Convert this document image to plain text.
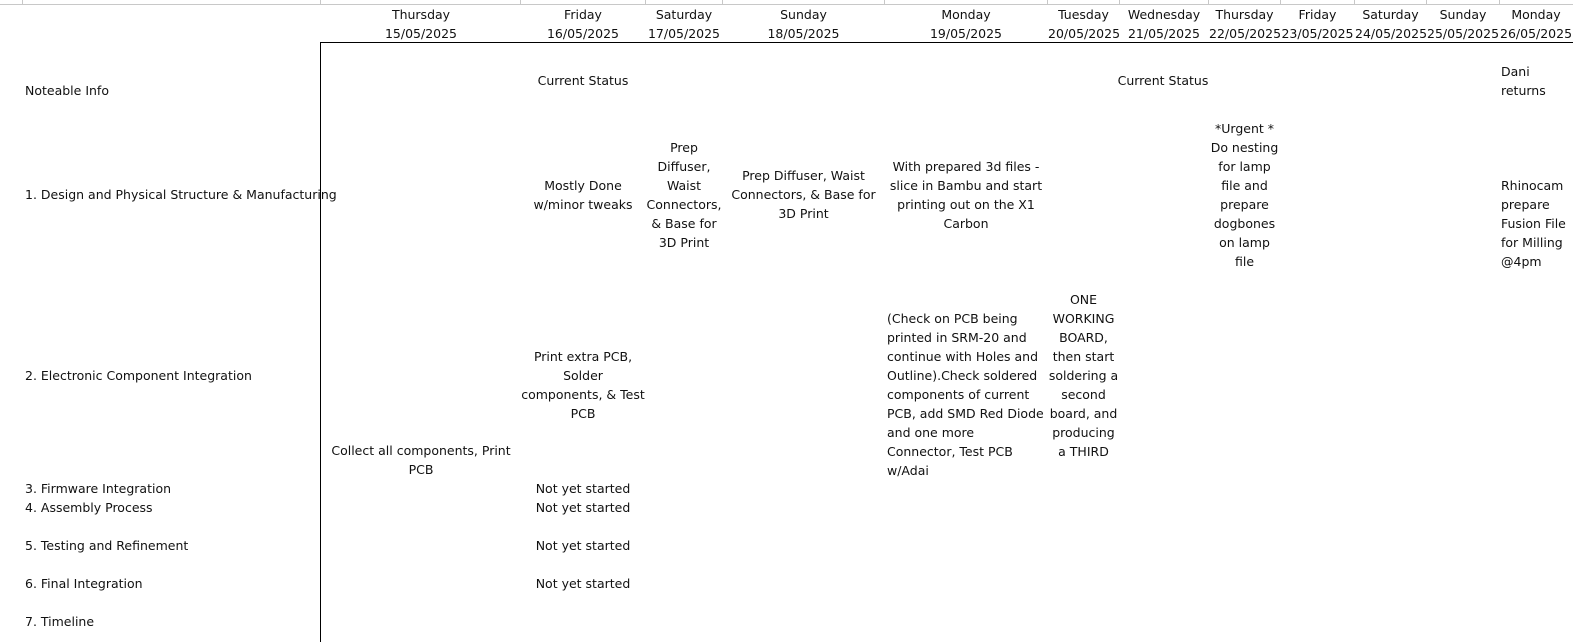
Thursday
15/05/2025
Friday
16/05/2025
Saturday
17/05/2025
Sunday
18/05/2025
Monday
19/05/2025
Tuesday
20/05/2025
Wednesday
21/05/2025
Thursday
22/05/2025
Friday
23/05/2025
Saturday
24/05/2025
Sunday
25/05/2025
Monday
26/05/2025
Noteable Info
1. Design and Physical Structure & Manufacturing
2. Electronic Component Integration
3. Firmware Integration
4. Assembly Process
5. Testing and Refinement
6. Final Integration
7. Timeline
Current Status	Current Status
Dani returns
Mostly Done w/minor tweaks
Prep Diffuser, Waist Connectors, & Base for 3D Print
Prep Diffuser, Waist Connectors, & Base for 3D Print
With prepared 3d files - slice in Bambu and start printing out on the X1 Carbon
*Urgent * Do nesting for lamp file and prepare dogbones on lamp file
Rhinocam prepare Fusion File for Milling @4pm
Collect all components, Print PCB
Print extra PCB, Solder components, & Test PCB
(Check on PCB being printed in SRM-20 and continue with Holes and Outline).Check soldered components of current PCB, add SMD Red Diode and one more Connector, Test PCB w/Adai
ONE WORKING BOARD, then start soldering a second board, and producing a THIRD
Not yet started
Not yet started
Not yet started
Not yet started
